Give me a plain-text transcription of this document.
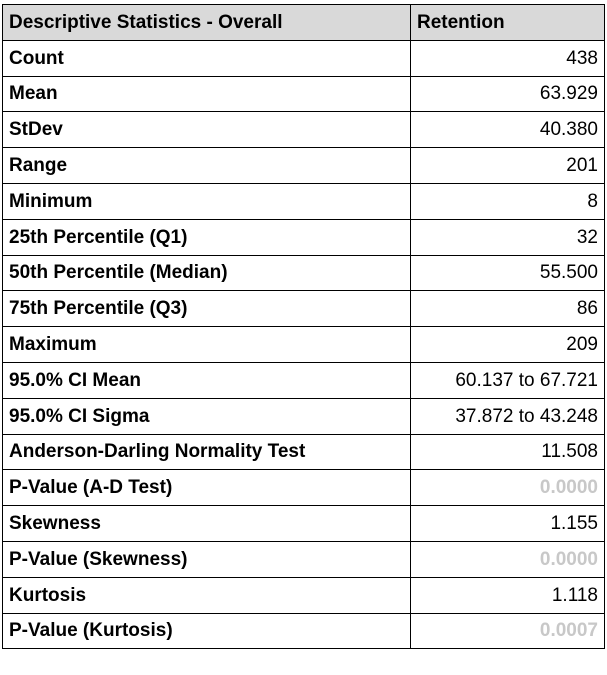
Descriptive Statistics - Overall	Retention
Count	438
Mean	63.929
StDev	40.380
Range	201
Minimum	8
25th Percentile (Q1)	32
50th Percentile (Median)	55.500
75th Percentile (Q3)	86
Maximum	209
95.0% CI Mean	60.137 to 67.721
95.0% CI Sigma	37.872 to 43.248
Anderson-Darling Normality Test	11.508
P-Value (A-D Test)	0.0000
Skewness	1.155
P-Value (Skewness)	0.0000
Kurtosis	1.118
P-Value (Kurtosis)	0.0007
